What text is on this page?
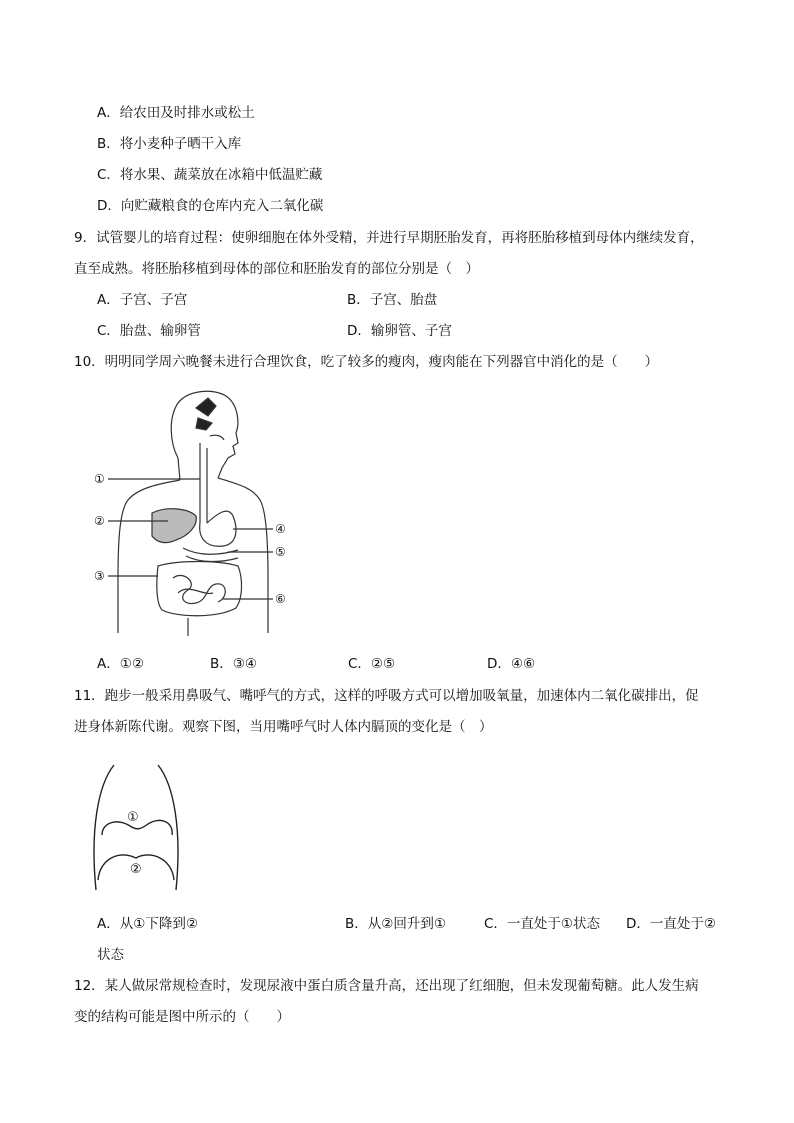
A．给农田及时排水或松土
B．将小麦种子晒干入库
C．将水果、蔬菜放在冰箱中低温贮藏
D．向贮藏粮食的仓库内充入二氧化碳
9．试管婴儿的培育过程：使卵细胞在体外受精，并进行早期胚胎发育，再将胚胎移植到母体内继续发育，
直至成熟。将胚胎移植到母体的部位和胚胎发育的部位分别是（　）
A．子宫、子宫	B．子宫、胎盘
C．胎盘、输卵管	D．输卵管、子宫
10．明明同学周六晚餐未进行合理饮食，吃了较多的瘦肉，瘦肉能在下列器官中消化的是（　　）
①
②
③
④
⑤
⑥
A．①②	B．③④	C．②⑤	D．④⑥
11．跑步一般采用鼻吸气、嘴呼气的方式，这样的呼吸方式可以增加吸氧量，加速体内二氧化碳排出，促
进身体新陈代谢。观察下图，当用嘴呼气时人体内膈顶的变化是（　）
①
②
A．从①下降到②	B．从②回升到①	C．一直处于①状态 D．一直处于②
状态
12．某人做尿常规检查时，发现尿液中蛋白质含量升高，还出现了红细胞，但未发现葡萄糖。此人发生病
变的结构可能是图中所示的（　　）
